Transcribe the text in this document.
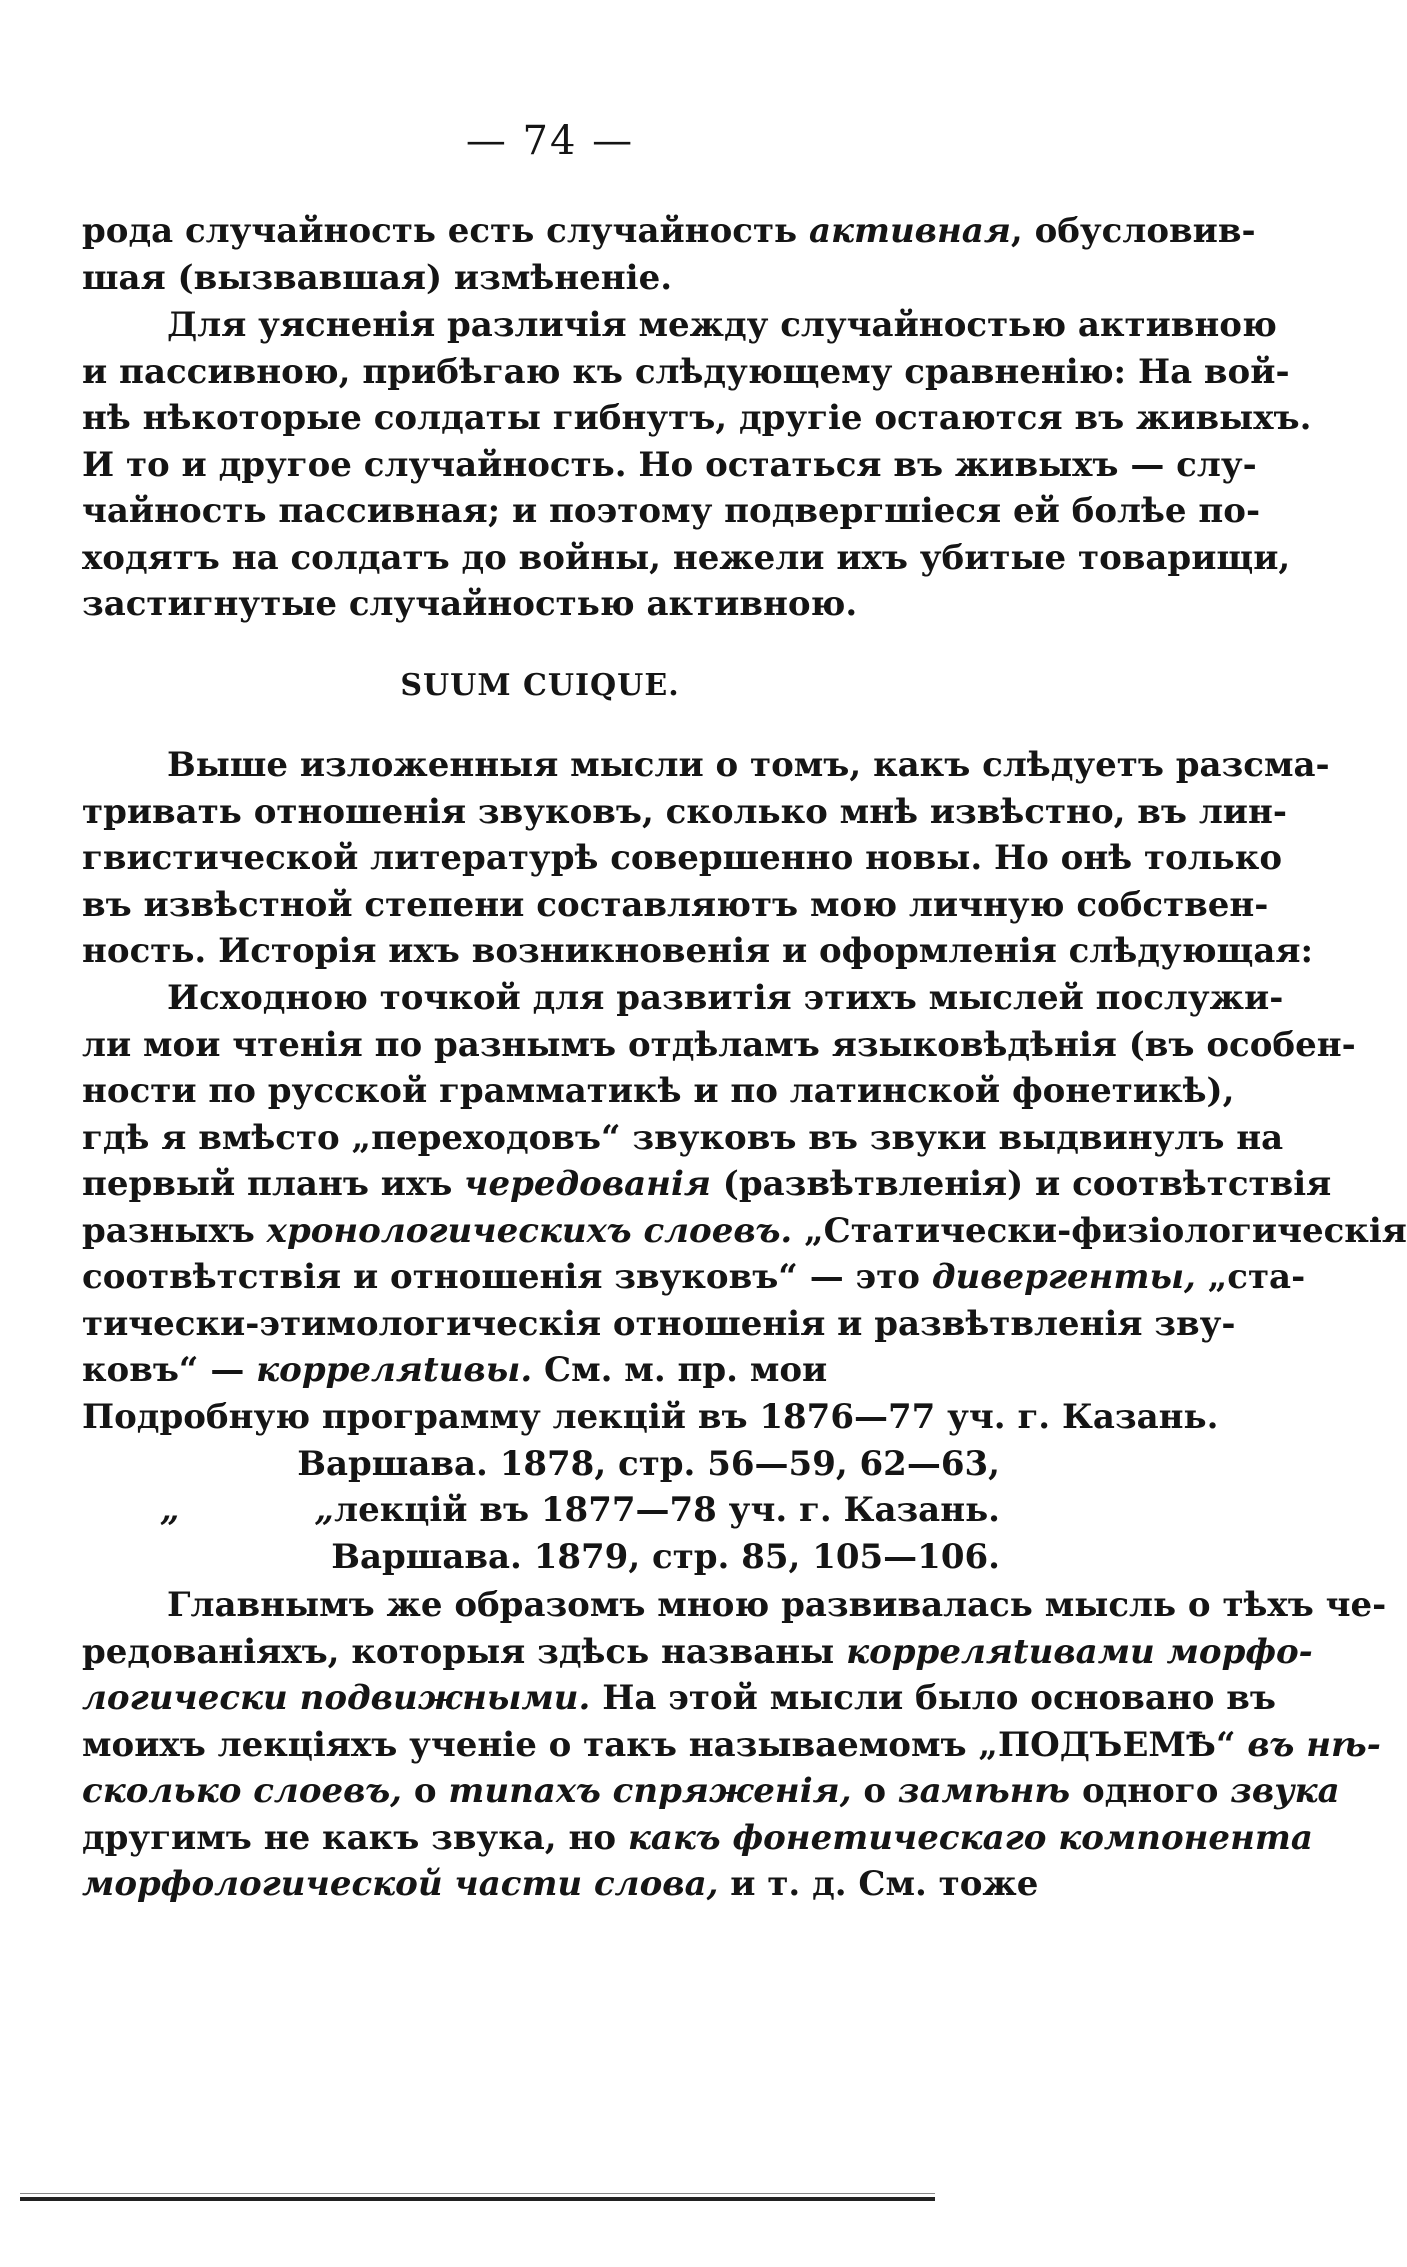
— 74 —
рода случайность есть случайность активная, обусловив-
шая (вызвавшая) измѣненіе.
Для уясненія различія между случайностью активною
и пассивною, прибѣгаю къ слѣдующему сравненію: На вой-
нѣ нѣкоторые солдаты гибнутъ, другіе остаются въ живыхъ.
И то и другое случайность. Но остаться въ живыхъ — слу-
чайность пассивная; и поэтому подвергшіеся ей болѣе по-
ходятъ на солдатъ до войны, нежели ихъ убитые товарищи,
застигнутые случайностью активною.
SUUM CUIQUE.
Выше изложенныя мысли о томъ, какъ слѣдуетъ разсма-
тривать отношенія звуковъ, сколько мнѣ извѣстно, въ лин-
гвистической литературѣ совершенно новы. Но онѣ только
въ извѣстной степени составляютъ мою личную собствен-
ность. Исторія ихъ возникновенія и оформленія слѣдующая:
Исходною точкой для развитія этихъ мыслей послужи-
ли мои чтенія по разнымъ отдѣламъ языковѣдѣнія (въ особен-
ности по русской грамматикѣ и по латинской фонетикѣ),
гдѣ я вмѣсто „переходовъ“ звуковъ въ звуки выдвинулъ на
первый планъ ихъ чередованія (развѣтвленія) и соотвѣтствія
разныхъ хронологическихъ слоевъ. „Статически-физiологическія
соотвѣтствія и отношенія звуковъ“ — это дивергенты, „ста-
тически-этимологическія отношенія и развѣтвленія зву-
ковъ“ — корреляtивы. См. м. пр. мои
Подробную программу лекцій въ 1876—77 уч. г. Казань.
Варшава. 1878, стр. 56—59, 62—63,
„	„ лекцій въ 1877—78 уч. г. Казань.
Варшава. 1879, стр. 85, 105—106.
Главнымъ же образомъ мною развивалась мысль о тѣхъ че-
редованіяхъ, которыя здѣсь названы корреляtивами морфо-
логически подвижными. На этой мысли было основано въ
моихъ лекціяхъ ученіе о такъ называемомъ „ПОДЪЕМѢ“ въ нѣ-
сколько слоевъ, о типахъ спряженія, о замѣнѣ одного звука
другимъ не какъ звука, но какъ фонетическаго компонента
морфологической части слова, и т. д. См. тоже
